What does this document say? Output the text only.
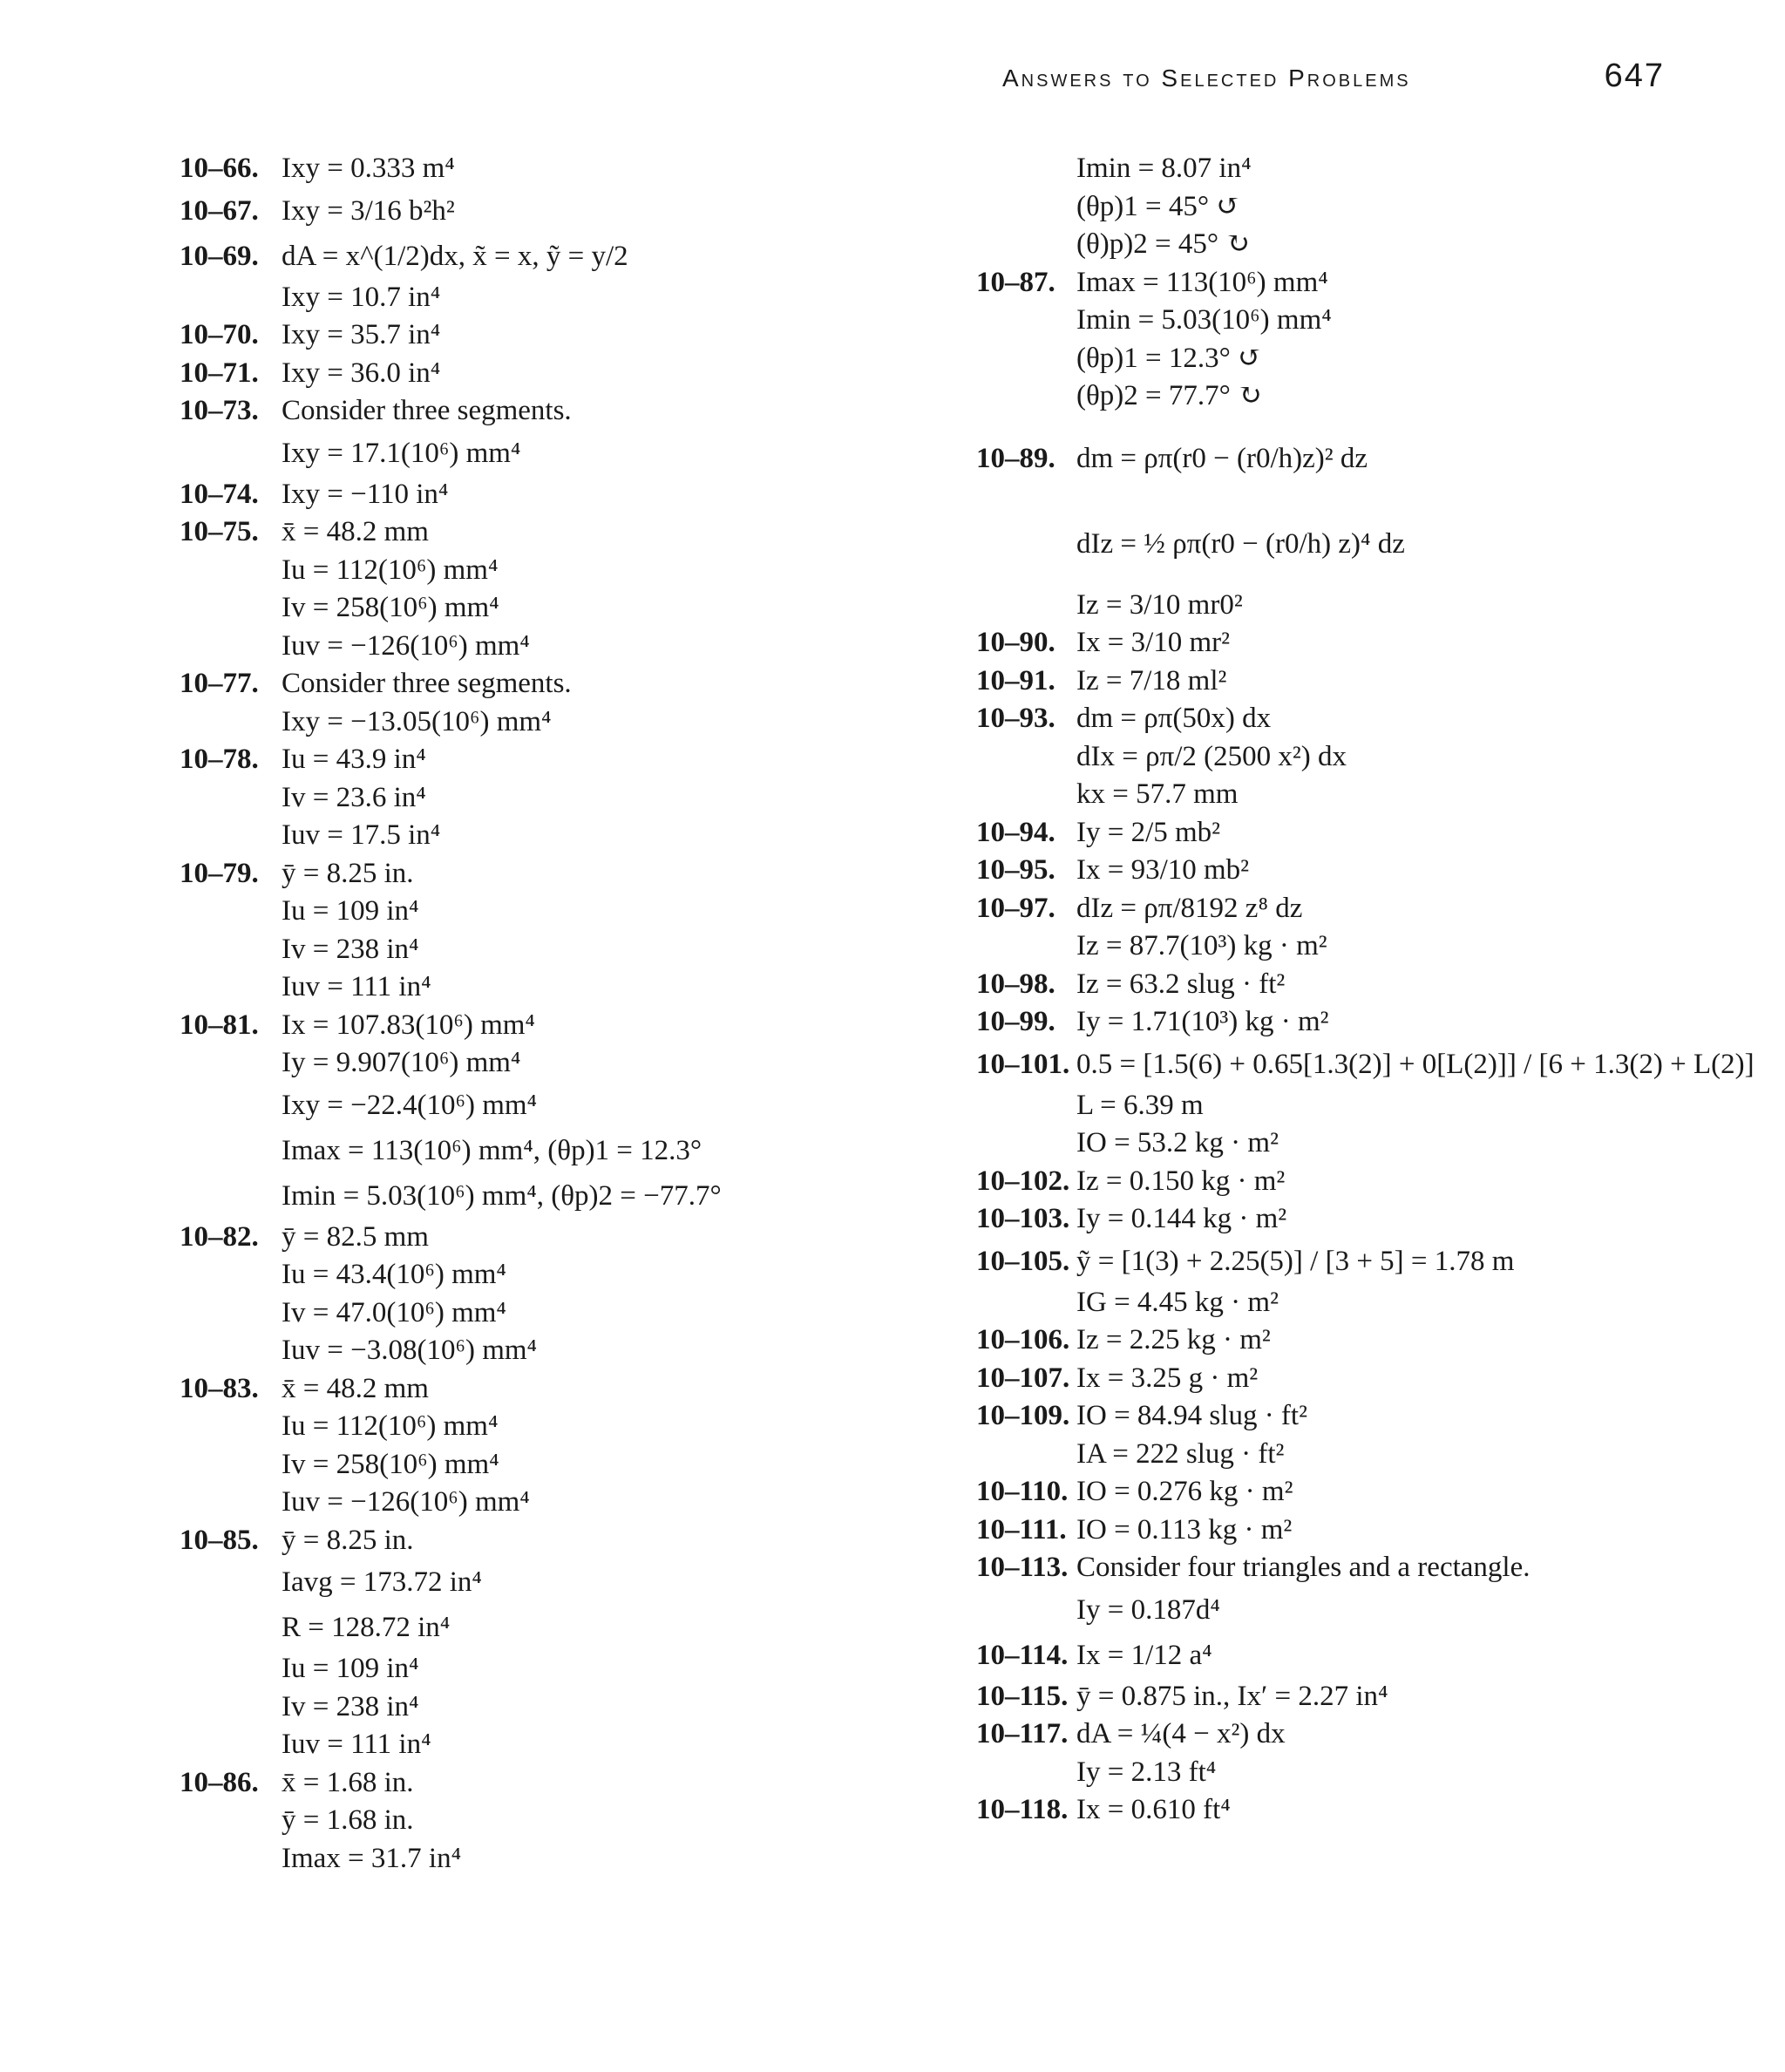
Answers to Selected Problems	647
10–66. Ixy = 0.333 m⁴
10–67. Ixy = 3/16 b²h²
10–69. dA = x^(1/2)dx, x̃ = x, ỹ = y/2
Ixy = 10.7 in⁴
10–70. Ixy = 35.7 in⁴
10–71. Ixy = 36.0 in⁴
10–73. Consider three segments.
Ixy = 17.1(10⁶) mm⁴
10–74. Ixy = −110 in⁴
10–75. x̄ = 48.2 mm
Iu = 112(10⁶) mm⁴
Iv = 258(10⁶) mm⁴
Iuv = −126(10⁶) mm⁴
10–77. Consider three segments.
Ixy = −13.05(10⁶) mm⁴
10–78. Iu = 43.9 in⁴
Iv = 23.6 in⁴
Iuv = 17.5 in⁴
10–79. ȳ = 8.25 in.
Iu = 109 in⁴
Iv = 238 in⁴
Iuv = 111 in⁴
10–81. Ix = 107.83(10⁶) mm⁴
Iy = 9.907(10⁶) mm⁴
Ixy = −22.4(10⁶) mm⁴
Imax = 113(10⁶) mm⁴, (θp)1 = 12.3°
Imin = 5.03(10⁶) mm⁴, (θp)2 = −77.7°
10–82. ȳ = 82.5 mm
Iu = 43.4(10⁶) mm⁴
Iv = 47.0(10⁶) mm⁴
Iuv = −3.08(10⁶) mm⁴
10–83. x̄ = 48.2 mm
Iu = 112(10⁶) mm⁴
Iv = 258(10⁶) mm⁴
Iuv = −126(10⁶) mm⁴
10–85. ȳ = 8.25 in.
Iavg = 173.72 in⁴
R = 128.72 in⁴
Iu = 109 in⁴
Iv = 238 in⁴
Iuv = 111 in⁴
10–86. x̄ = 1.68 in.
ȳ = 1.68 in.
Imax = 31.7 in⁴
Imin = 8.07 in⁴
(θp)1 = 45° ↺
(θ)p)2 = 45° ↻
10–87. Imax = 113(10⁶) mm⁴
Imin = 5.03(10⁶) mm⁴
(θp)1 = 12.3° ↺
(θp)2 = 77.7° ↻
10–89. dm = ρπ(r0 − (r0/h)z)² dz
dIz = ½ ρπ(r0 − (r0/h) z)⁴ dz
Iz = 3/10 mr0²
10–90. Ix = 3/10 mr²
10–91. Iz = 7/18 ml²
10–93. dm = ρπ(50x) dx
dIx = ρπ/2 (2500 x²) dx
kx = 57.7 mm
10–94. Iy = 2/5 mb²
10–95. Ix = 93/10 mb²
10–97. dIz = ρπ/8192 z⁸ dz
Iz = 87.7(10³) kg · m²
10–98. Iz = 63.2 slug · ft²
10–99. Iy = 1.71(10³) kg · m²
10–101. 0.5 = [1.5(6) + 0.65[1.3(2)] + 0[L(2)]] / [6 + 1.3(2) + L(2)]
L = 6.39 m
IO = 53.2 kg · m²
10–102. Iz = 0.150 kg · m²
10–103. Iy = 0.144 kg · m²
10–105. ỹ = [1(3) + 2.25(5)] / [3 + 5] = 1.78 m
IG = 4.45 kg · m²
10–106. Iz = 2.25 kg · m²
10–107. Ix = 3.25 g · m²
10–109. IO = 84.94 slug · ft²
IA = 222 slug · ft²
10–110. IO = 0.276 kg · m²
10–111. IO = 0.113 kg · m²
10–113. Consider four triangles and a rectangle.
Iy = 0.187d⁴
10–114. Ix = 1/12 a⁴
10–115. ȳ = 0.875 in., Ix′ = 2.27 in⁴
10–117. dA = ¼(4 − x²) dx
Iy = 2.13 ft⁴
10–118. Ix = 0.610 ft⁴
